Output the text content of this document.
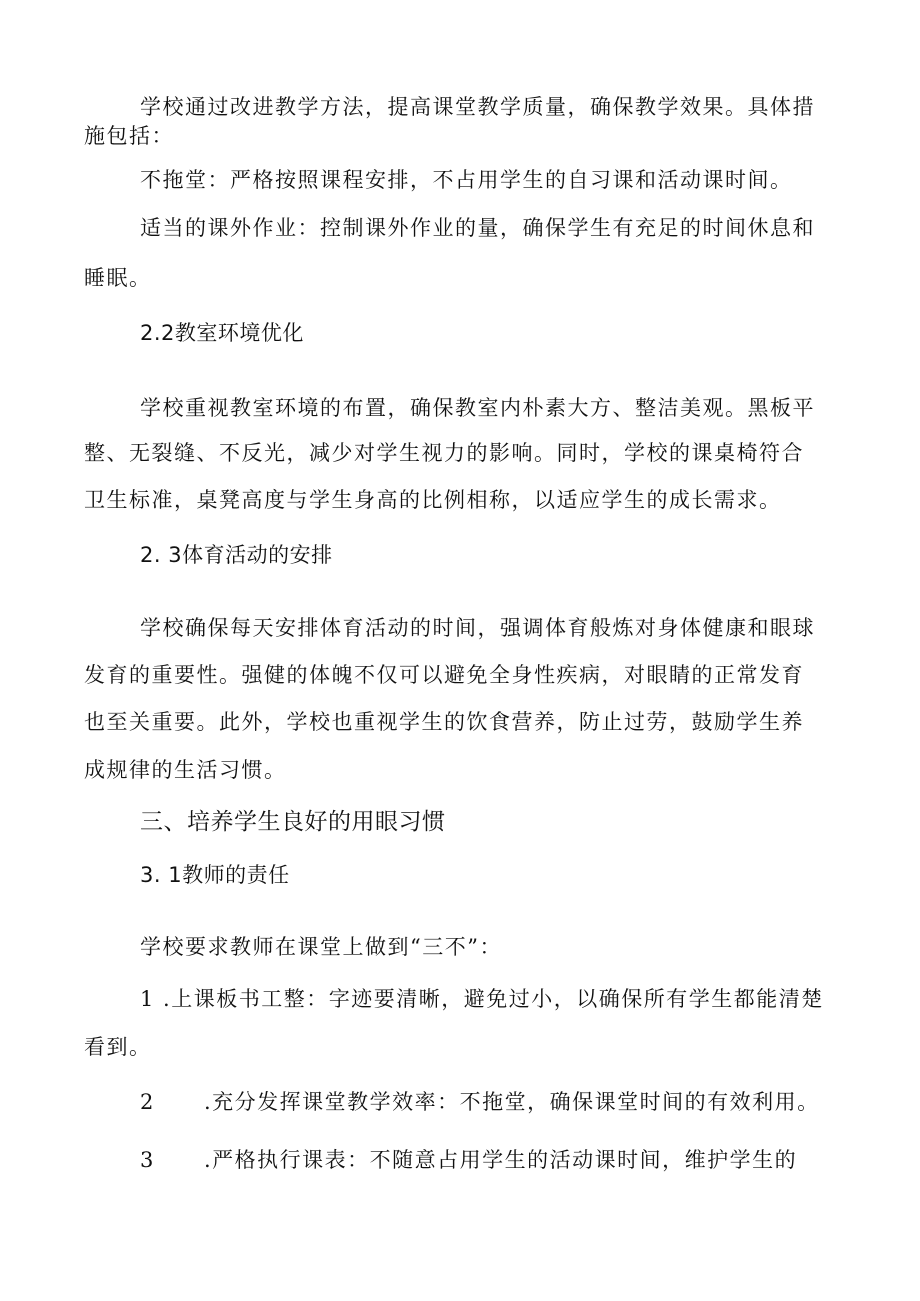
学校通过改进教学方法，提高课堂教学质量，确保教学效果。具体措
施包括：
不拖堂：严格按照课程安排，不占用学生的自习课和活动课时间。
适当的课外作业：控制课外作业的量，确保学生有充足的时间休息和
睡眠。
2.2教室环境优化
学校重视教室环境的布置，确保教室内朴素大方、整洁美观。黑板平
整、无裂缝、不反光，减少对学生视力的影响。同时，学校的课桌椅符合
卫生标准，桌凳高度与学生身高的比例相称，以适应学生的成长需求。
2. 3体育活动的安排
学校确保每天安排体育活动的时间，强调体育般炼对身体健康和眼球
发育的重要性。强健的体魄不仅可以避免全身性疾病，对眼睛的正常发育
也至关重要。此外，学校也重视学生的饮食营养，防止过劳，鼓励学生养
成规律的生活习惯。
三、培养学生良好的用眼习惯
3. 1教师的责任
学校要求教师在课堂上做到“三不”：
1 .上课板书工整：字迹要清晰，避免过小，以确保所有学生都能清楚
看到。
2 .充分发挥课堂教学效率：不拖堂，确保课堂时间的有效利用。
3 .严格执行课表：不随意占用学生的活动课时间，维护学生的
